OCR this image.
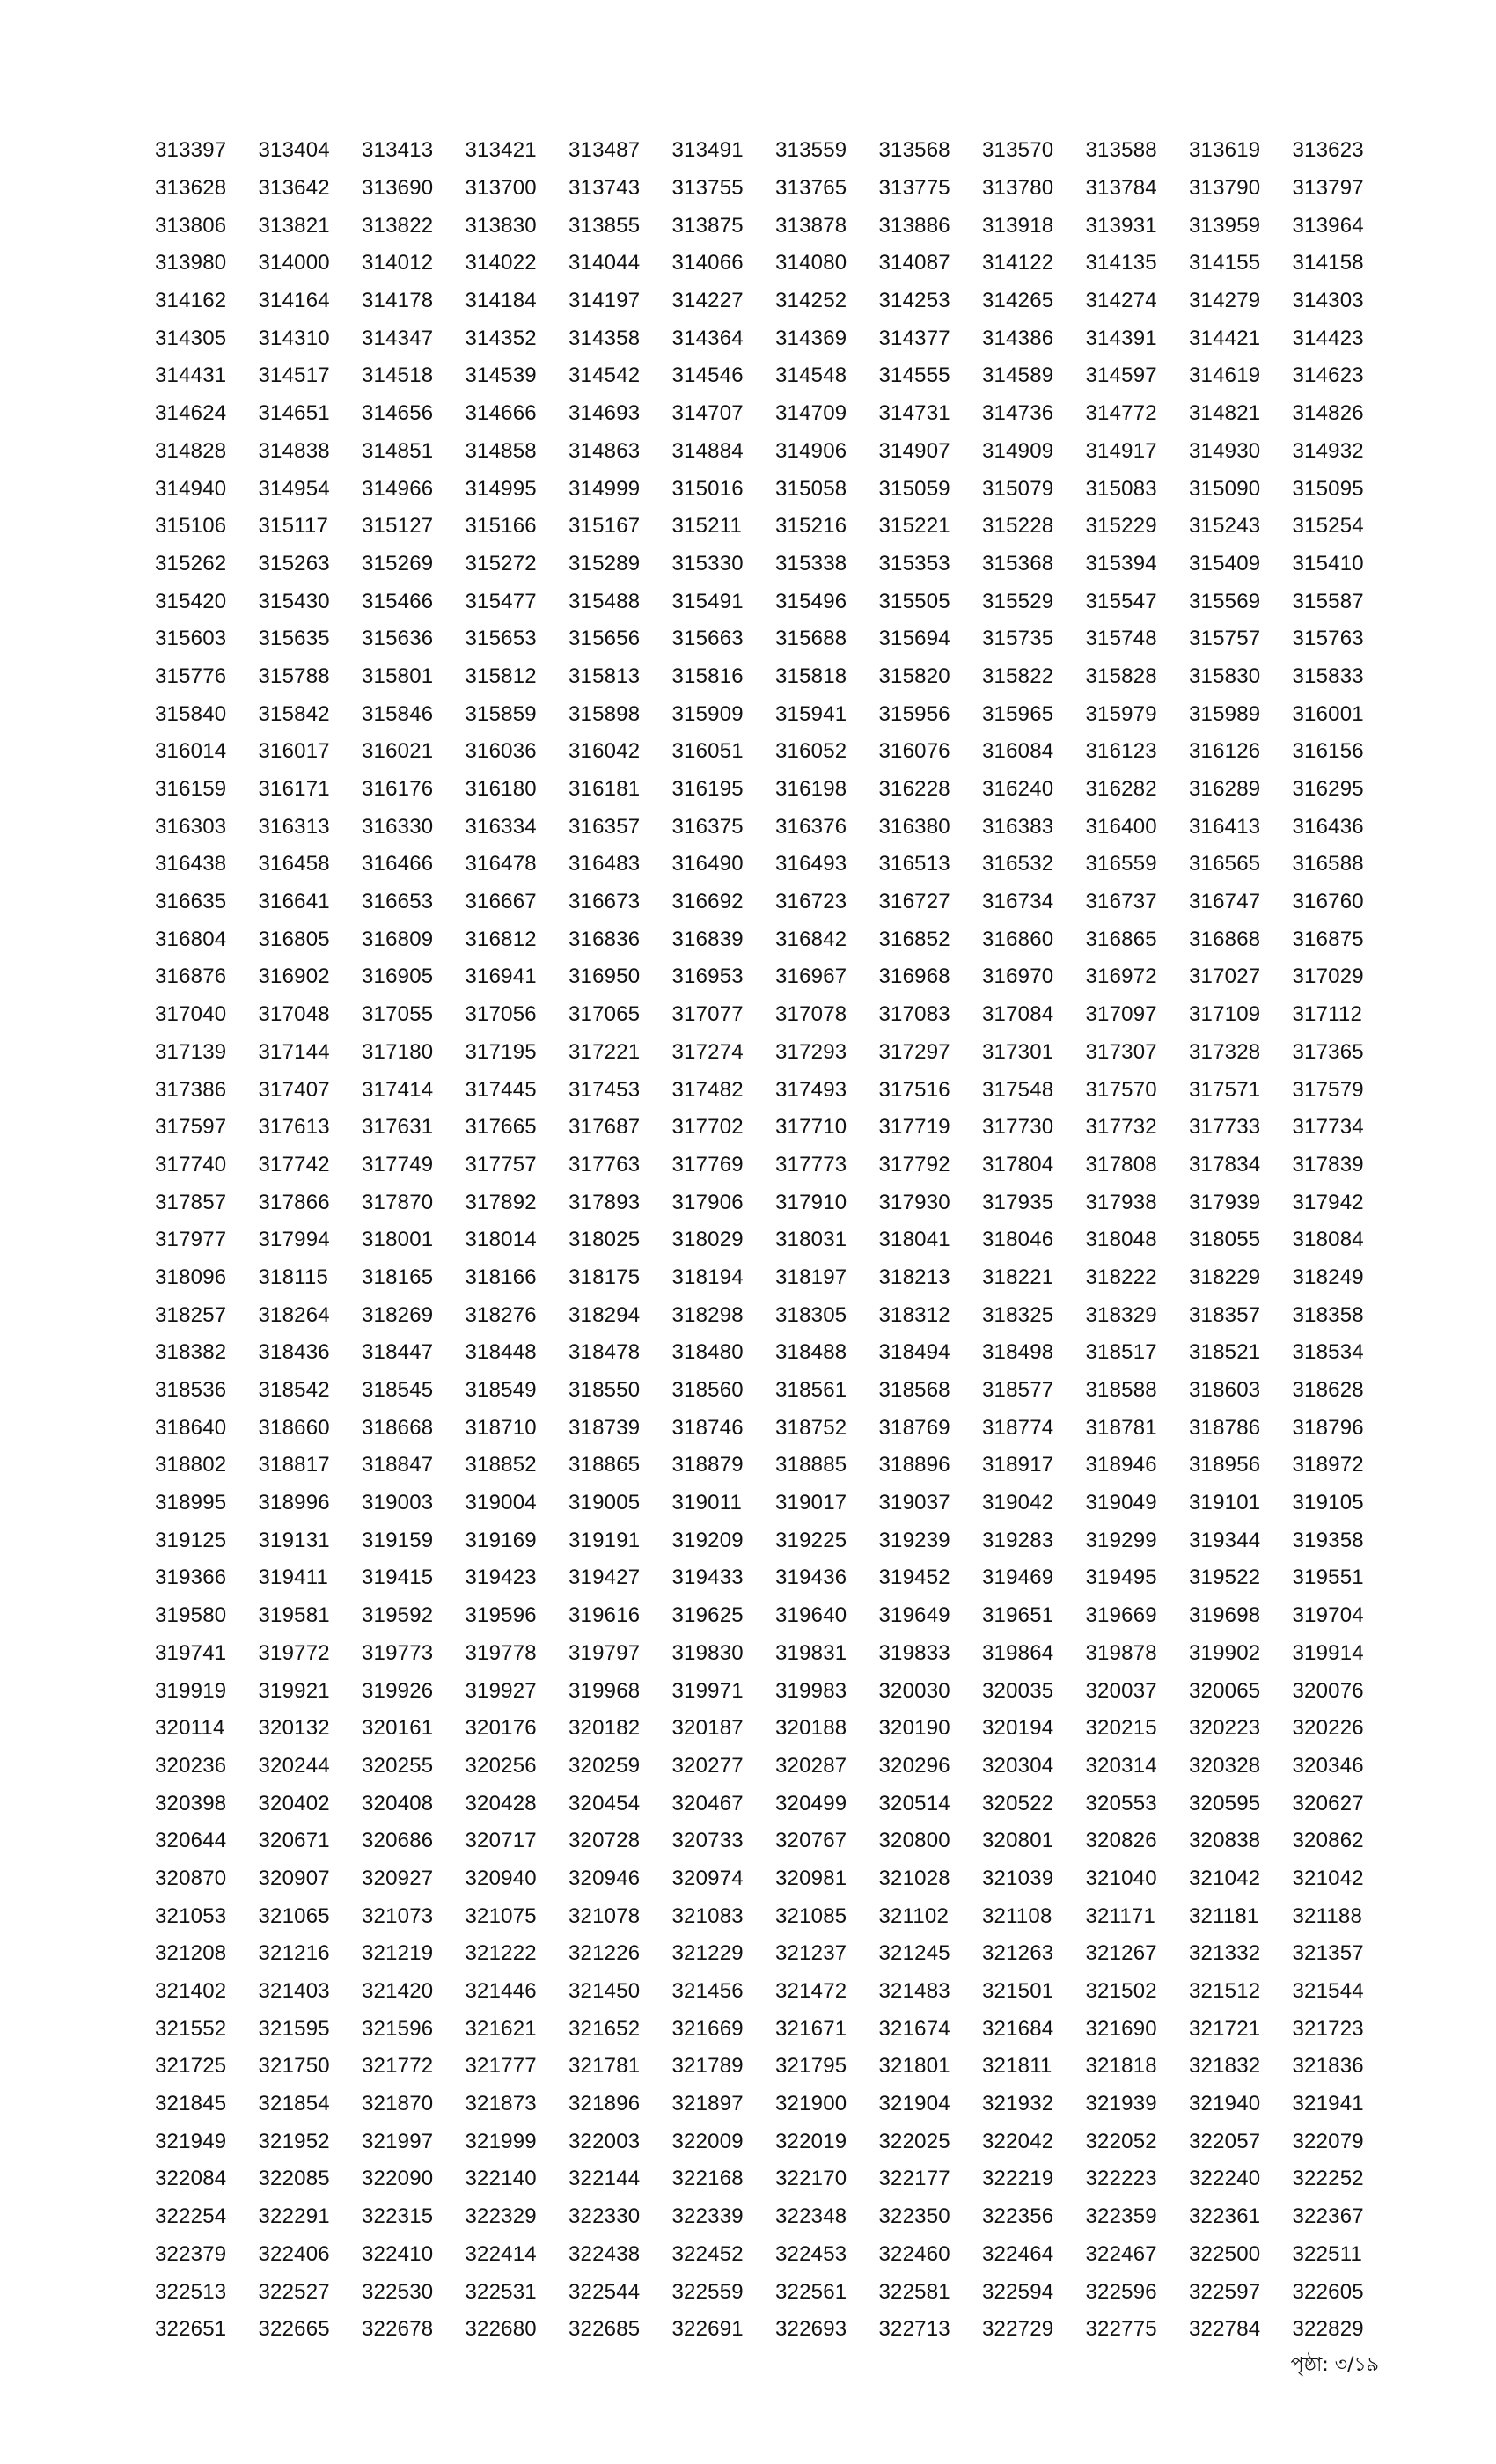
313397	313404	313413	313421	313487	313491	313559	313568	313570	313588	313619	313623
313628	313642	313690	313700	313743	313755	313765	313775	313780	313784	313790	313797
313806	313821	313822	313830	313855	313875	313878	313886	313918	313931	313959	313964
313980	314000	314012	314022	314044	314066	314080	314087	314122	314135	314155	314158
314162	314164	314178	314184	314197	314227	314252	314253	314265	314274	314279	314303
314305	314310	314347	314352	314358	314364	314369	314377	314386	314391	314421	314423
314431	314517	314518	314539	314542	314546	314548	314555	314589	314597	314619	314623
314624	314651	314656	314666	314693	314707	314709	314731	314736	314772	314821	314826
314828	314838	314851	314858	314863	314884	314906	314907	314909	314917	314930	314932
314940	314954	314966	314995	314999	315016	315058	315059	315079	315083	315090	315095
315106	315117	315127	315166	315167	315211	315216	315221	315228	315229	315243	315254
315262	315263	315269	315272	315289	315330	315338	315353	315368	315394	315409	315410
315420	315430	315466	315477	315488	315491	315496	315505	315529	315547	315569	315587
315603	315635	315636	315653	315656	315663	315688	315694	315735	315748	315757	315763
315776	315788	315801	315812	315813	315816	315818	315820	315822	315828	315830	315833
315840	315842	315846	315859	315898	315909	315941	315956	315965	315979	315989	316001
316014	316017	316021	316036	316042	316051	316052	316076	316084	316123	316126	316156
316159	316171	316176	316180	316181	316195	316198	316228	316240	316282	316289	316295
316303	316313	316330	316334	316357	316375	316376	316380	316383	316400	316413	316436
316438	316458	316466	316478	316483	316490	316493	316513	316532	316559	316565	316588
316635	316641	316653	316667	316673	316692	316723	316727	316734	316737	316747	316760
316804	316805	316809	316812	316836	316839	316842	316852	316860	316865	316868	316875
316876	316902	316905	316941	316950	316953	316967	316968	316970	316972	317027	317029
317040	317048	317055	317056	317065	317077	317078	317083	317084	317097	317109	317112
317139	317144	317180	317195	317221	317274	317293	317297	317301	317307	317328	317365
317386	317407	317414	317445	317453	317482	317493	317516	317548	317570	317571	317579
317597	317613	317631	317665	317687	317702	317710	317719	317730	317732	317733	317734
317740	317742	317749	317757	317763	317769	317773	317792	317804	317808	317834	317839
317857	317866	317870	317892	317893	317906	317910	317930	317935	317938	317939	317942
317977	317994	318001	318014	318025	318029	318031	318041	318046	318048	318055	318084
318096	318115	318165	318166	318175	318194	318197	318213	318221	318222	318229	318249
318257	318264	318269	318276	318294	318298	318305	318312	318325	318329	318357	318358
318382	318436	318447	318448	318478	318480	318488	318494	318498	318517	318521	318534
318536	318542	318545	318549	318550	318560	318561	318568	318577	318588	318603	318628
318640	318660	318668	318710	318739	318746	318752	318769	318774	318781	318786	318796
318802	318817	318847	318852	318865	318879	318885	318896	318917	318946	318956	318972
318995	318996	319003	319004	319005	319011	319017	319037	319042	319049	319101	319105
319125	319131	319159	319169	319191	319209	319225	319239	319283	319299	319344	319358
319366	319411	319415	319423	319427	319433	319436	319452	319469	319495	319522	319551
319580	319581	319592	319596	319616	319625	319640	319649	319651	319669	319698	319704
319741	319772	319773	319778	319797	319830	319831	319833	319864	319878	319902	319914
319919	319921	319926	319927	319968	319971	319983	320030	320035	320037	320065	320076
320114	320132	320161	320176	320182	320187	320188	320190	320194	320215	320223	320226
320236	320244	320255	320256	320259	320277	320287	320296	320304	320314	320328	320346
320398	320402	320408	320428	320454	320467	320499	320514	320522	320553	320595	320627
320644	320671	320686	320717	320728	320733	320767	320800	320801	320826	320838	320862
320870	320907	320927	320940	320946	320974	320981	321028	321039	321040	321042	321042
321053	321065	321073	321075	321078	321083	321085	321102	321108	321171	321181	321188
321208	321216	321219	321222	321226	321229	321237	321245	321263	321267	321332	321357
321402	321403	321420	321446	321450	321456	321472	321483	321501	321502	321512	321544
321552	321595	321596	321621	321652	321669	321671	321674	321684	321690	321721	321723
321725	321750	321772	321777	321781	321789	321795	321801	321811	321818	321832	321836
321845	321854	321870	321873	321896	321897	321900	321904	321932	321939	321940	321941
321949	321952	321997	321999	322003	322009	322019	322025	322042	322052	322057	322079
322084	322085	322090	322140	322144	322168	322170	322177	322219	322223	322240	322252
322254	322291	322315	322329	322330	322339	322348	322350	322356	322359	322361	322367
322379	322406	322410	322414	322438	322452	322453	322460	322464	322467	322500	322511
322513	322527	322530	322531	322544	322559	322561	322581	322594	322596	322597	322605
322651	322665	322678	322680	322685	322691	322693	322713	322729	322775	322784	322829
পৃষ্ঠা: ৩/১৯
